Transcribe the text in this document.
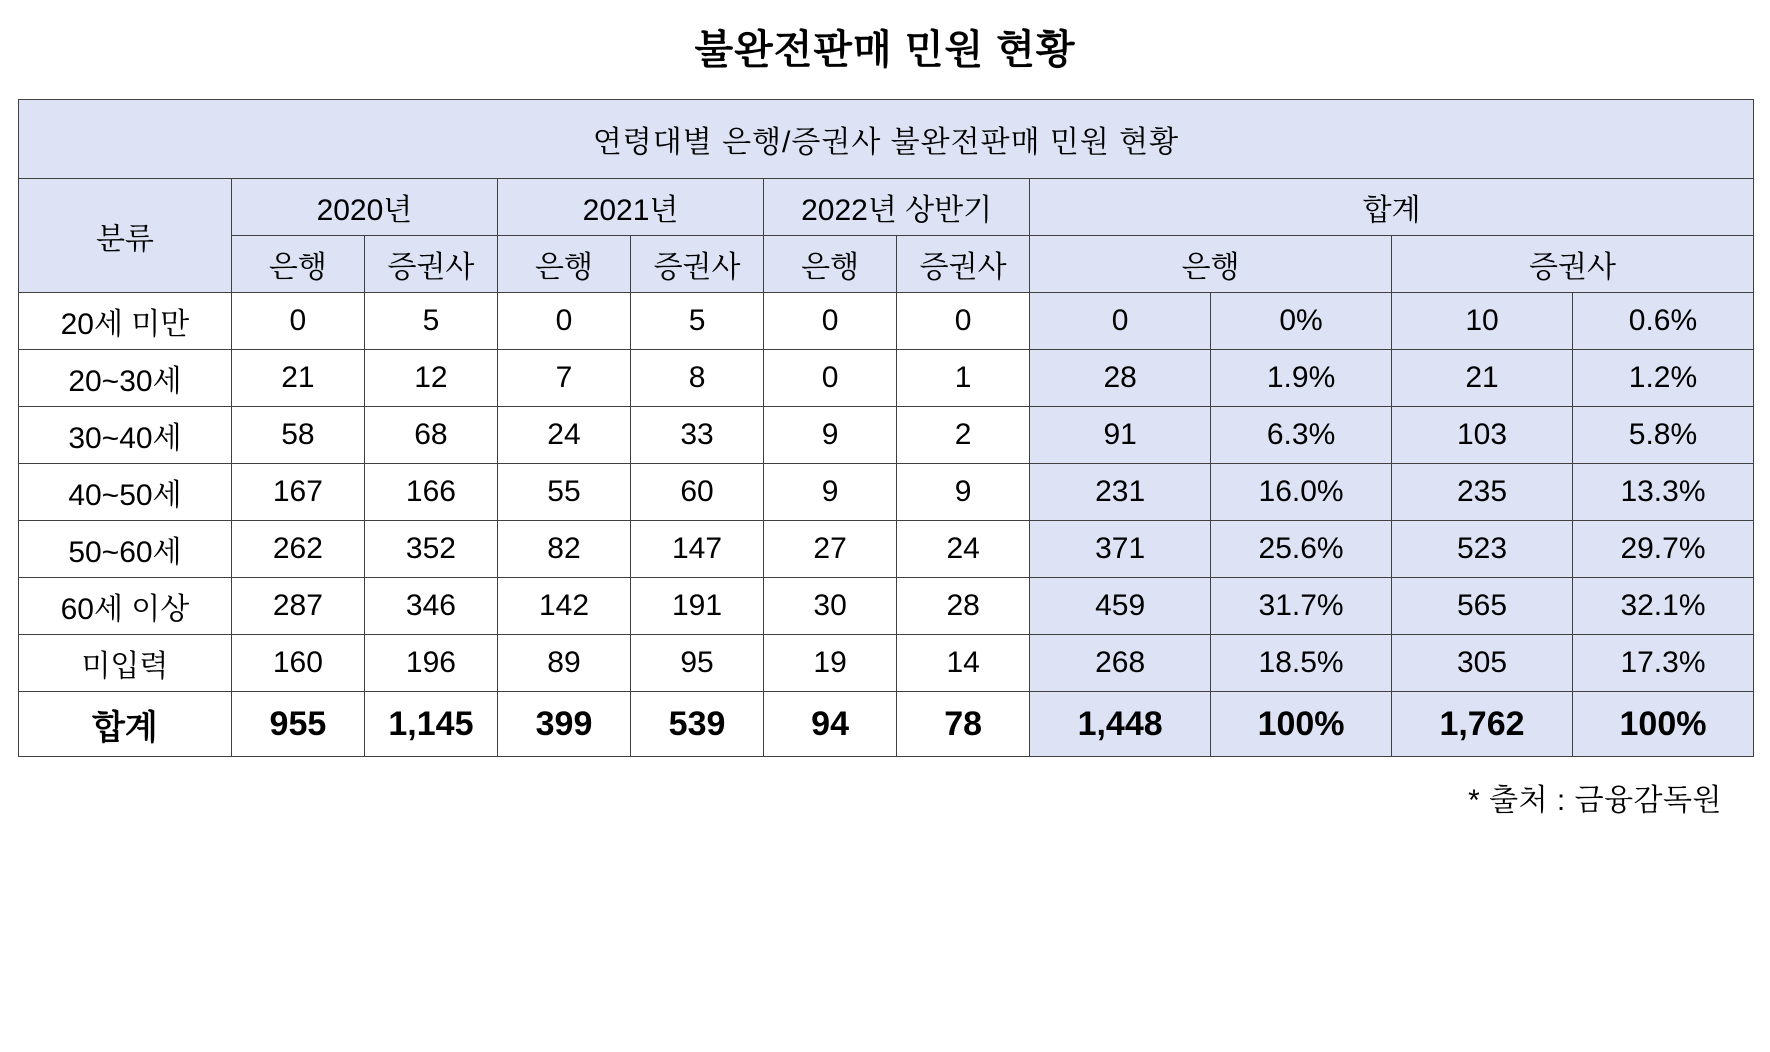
불완전판매 민원 현황
연령대별 은행/증권사 불완전판매 민원 현황										
분류	2020년		2021년		2022년 상반기		합계			
	은행	증권사	은행	증권사	은행	증권사	은행		증권사	
20세 미만	0	5	0	5	0	0	0	0%	10	0.6%
20~30세	21	12	7	8	0	1	28	1.9%	21	1.2%
30~40세	58	68	24	33	9	2	91	6.3%	103	5.8%
40~50세	167	166	55	60	9	9	231	16.0%	235	13.3%
50~60세	262	352	82	147	27	24	371	25.6%	523	29.7%
60세 이상	287	346	142	191	30	28	459	31.7%	565	32.1%
미입력	160	196	89	95	19	14	268	18.5%	305	17.3%
합계	955	1,145	399	539	94	78	1,448	100%	1,762	100%
* 출처 : 금융감독원
